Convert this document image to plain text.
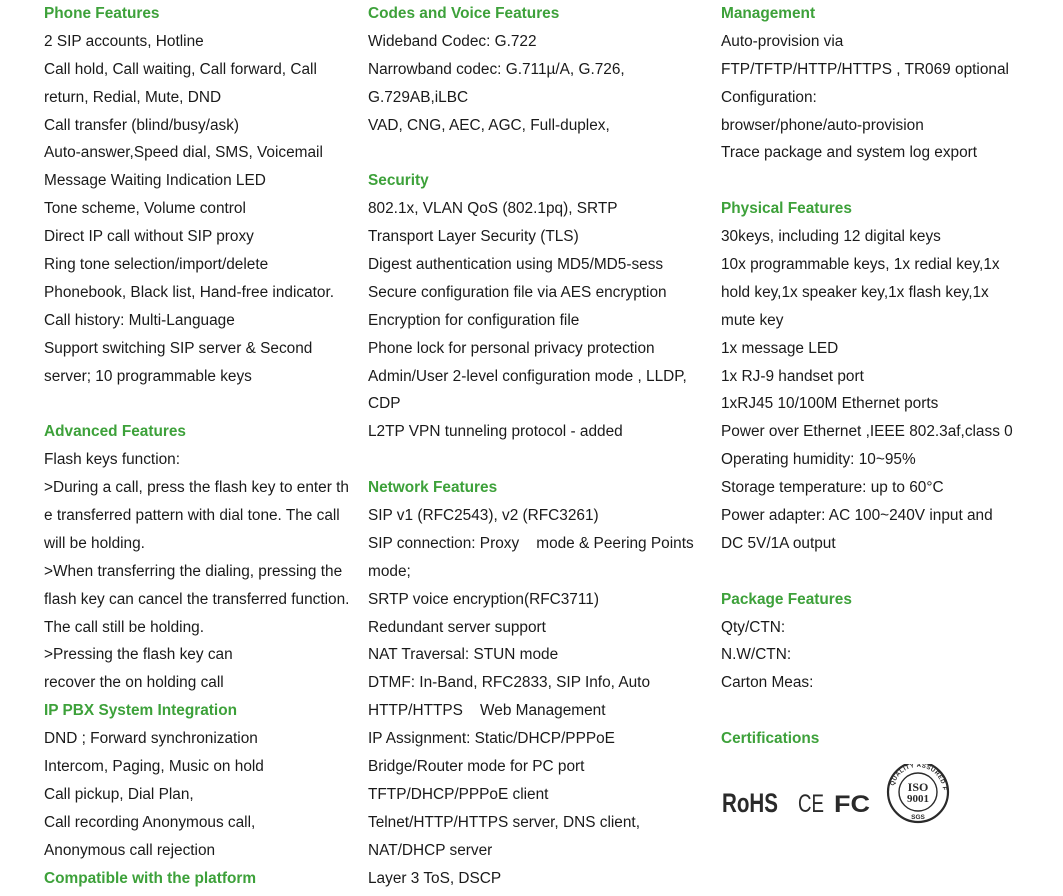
Phone Features
2 SIP accounts, Hotline
Call hold, Call waiting, Call forward, Call
return, Redial, Mute, DND
Call transfer (blind/busy/ask)
Auto-answer,Speed dial, SMS, Voicemail
Message Waiting Indication LED
Tone scheme, Volume control
Direct IP call without SIP proxy
Ring tone selection/import/delete
Phonebook, Black list, Hand-free indicator.
Call history: Multi-Language
Support switching SIP server & Second
server; 10 programmable keys
Advanced Features
Flash keys function:
>During a call, press the flash key to enter th
e transferred pattern with dial tone. The call
will be holding.
>When transferring the dialing, pressing the
flash key can cancel the transferred function.
The call still be holding.
>Pressing the flash key can
recover the on holding call
IP PBX System Integration
DND ; Forward synchronization
Intercom, Paging, Music on hold
Call pickup, Dial Plan,
Call recording Anonymous call,
Anonymous call rejection
Compatible with the platform
Codes and Voice Features
Wideband Codec: G.722
Narrowband codec: G.711µ/A, G.726,
G.729AB,iLBC
VAD, CNG, AEC, AGC, Full-duplex,
Security
802.1x, VLAN QoS (802.1pq), SRTP
Transport Layer Security (TLS)
Digest authentication using MD5/MD5-sess
Secure configuration file via AES encryption
Encryption for configuration file
Phone lock for personal privacy protection
Admin/User 2-level configuration mode , LLDP,
CDP
L2TP VPN tunneling protocol - added
Network Features
SIP v1 (RFC2543), v2 (RFC3261)
SIP connection: Proxy    mode & Peering Points
mode;
SRTP voice encryption(RFC3711)
Redundant server support
NAT Traversal: STUN mode
DTMF: In-Band, RFC2833, SIP Info, Auto
HTTP/HTTPS    Web Management
IP Assignment: Static/DHCP/PPPoE
Bridge/Router mode for PC port
TFTP/DHCP/PPPoE client
Telnet/HTTP/HTTPS server, DNS client,
NAT/DHCP server
Layer 3 ToS, DSCP
Management
Auto-provision via
FTP/TFTP/HTTP/HTTPS , TR069 optional
Configuration:
browser/phone/auto-provision
Trace package and system log export
Physical Features
30keys, including 12 digital keys
10x programmable keys, 1x redial key,1x
hold key,1x speaker key,1x flash key,1x
mute key
1x message LED
1x RJ-9 handset port
1xRJ45 10/100M Ethernet ports
Power over Ethernet ,IEEE 802.3af,class 0
Operating humidity: 10~95%
Storage temperature: up to 60°C
Power adapter: AC 100~240V input and
DC 5V/1A output
Package Features
Qty/CTN:
N.W/CTN:
Carton Meas:
Certifications
RoHS CE FC
QUALITY ASSURED F
ISO
9001
SGS
